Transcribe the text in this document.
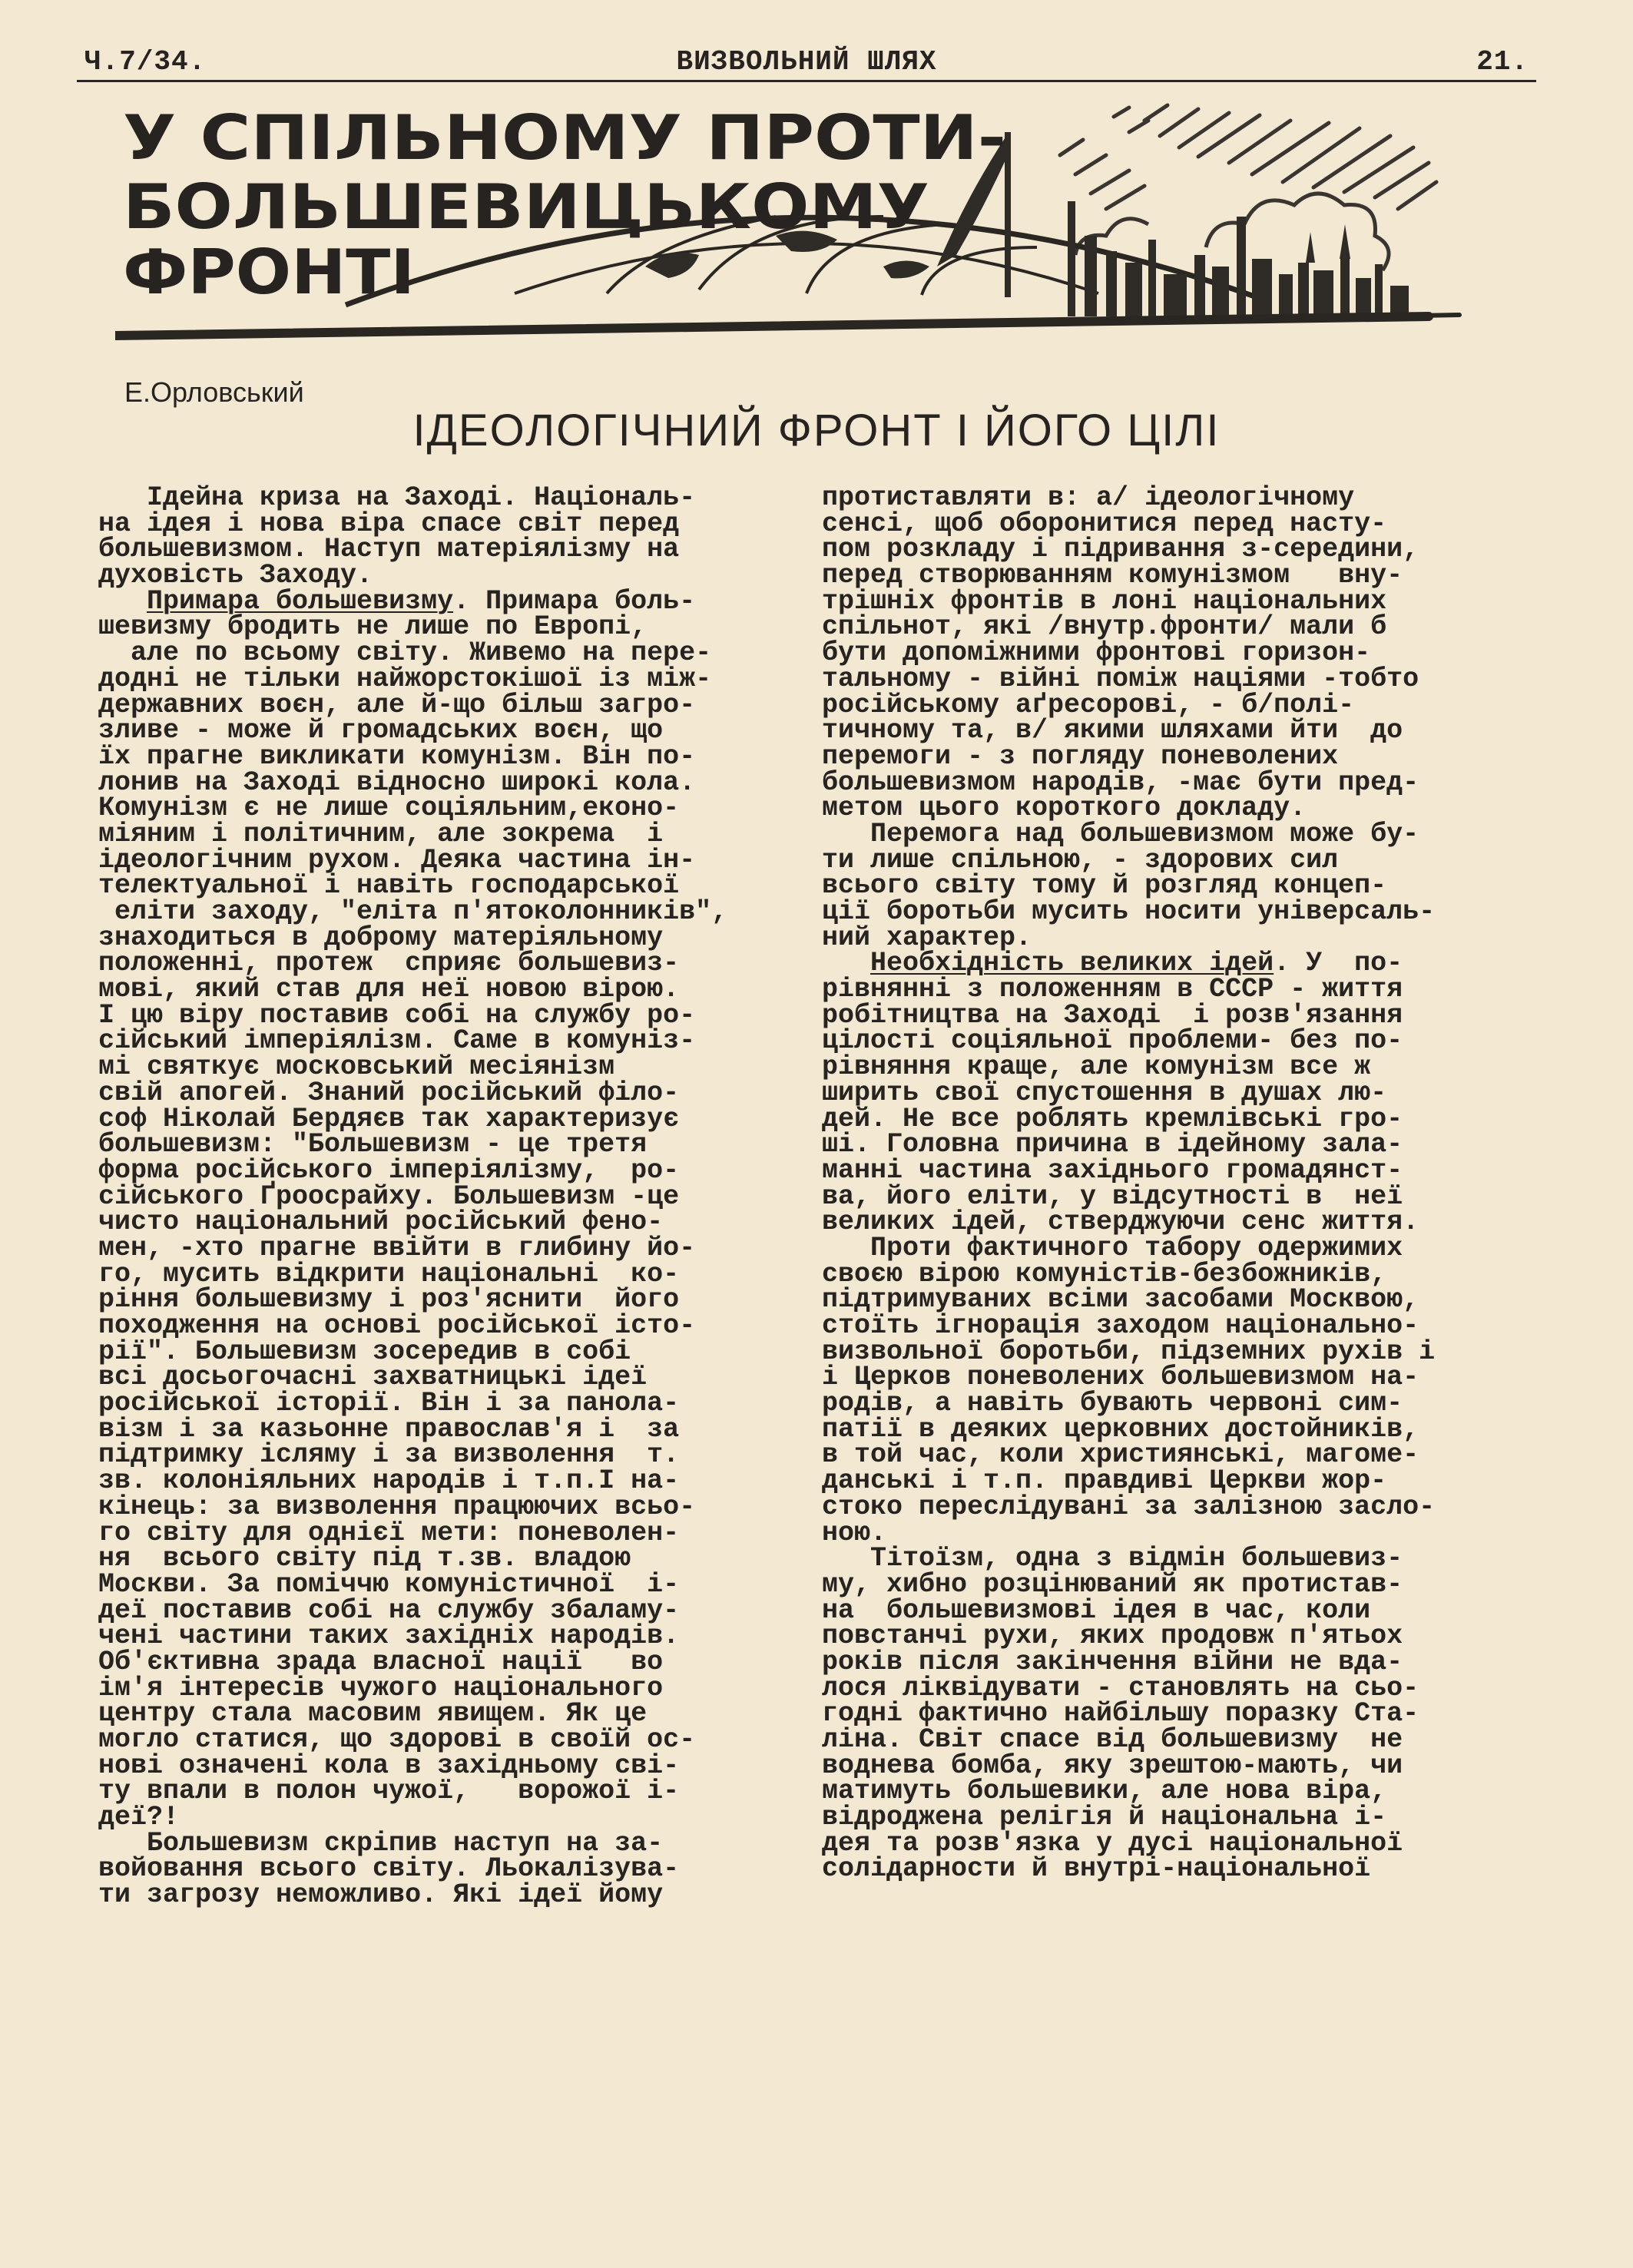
Ч.7/34.	ВИЗВОЛЬНИЙ ШЛЯХ	21.
У СПІЛЬНОМУ ПРОТИ-
БОЛЬШЕВИЦЬКОМУ
ФРОНТІ
Е.Орловський
ІДЕОЛОГІЧНИЙ ФРОНТ І ЙОГО ЦІЛІ
Ідейна криза на Заході. Національ-
на ідея і нова віра спасе світ перед
большевизмом. Наступ матеріялізму на
духовість Заходу.
Примара большевизму. Примара боль-
шевизму бродить не лише по Европі,
але по всьому світу. Живемо на пере-
додні не тільки найжорстокішої із між-
державних воєн, але й-що більш загро-
зливе - може й громадських воєн, що
їх прагне викликати комунізм. Він по-
лонив на Заході відносно широкі кола.
Комунізм є не лише соціяльним,еконо-
міяним і політичним, але зокрема  і
ідеологічним рухом. Деяка частина ін-
телектуальної і навіть господарської
еліти заходу, "еліта п'ятоколонників",
знаходиться в доброму матеріяльному
положенні, протеж  сприяє большевиз-
мові, який став для неї новою вірою.
І цю віру поставив собі на службу ро-
сійський імперіялізм. Саме в комуніз-
мі святкує московський месіянізм
свій апогей. Знаний російський філо-
соф Ніколай Бердяєв так характеризує
большевизм: "Большевизм - це третя
форма російського імперіялізму,  ро-
сійського Ґроосрайху. Большевизм -це
чисто національний російський фено-
мен, -хто прагне ввійти в глибину йо-
го, мусить відкрити національні  ко-
ріння большевизму і роз'яснити  його
походження на основі російської істо-
рії". Большевизм зосередив в собі
всі досьогочасні захватницькі ідеї
російської історії. Він і за панола-
візм і за казьонне православ'я і  за
підтримку ісляму і за визволення  т.
зв. колоніяльних народів і т.п.І на-
кінець: за визволення працюючих всьо-
го світу для однієї мети: поневолен-
ня  всього світу під т.зв. владою
Москви. За поміччю комуністичної  і-
деї поставив собі на службу збаламу-
чені частини таких західніх народів.
Об'єктивна зрада власної нації   во
ім'я інтересів чужого національного
центру стала масовим явищем. Як це
могло статися, що здорові в своїй ос-
нові означені кола в західньому сві-
ту впали в полон чужої,   ворожої і-
деї?!
Большевизм скріпив наступ на за-
войовання всього світу. Льокалізува-
ти загрозу неможливо. Які ідеї йому
протиставляти в: а/ ідеологічному
сенсі, щоб оборонитися перед насту-
пом розкладу і підривання з-середини,
перед створюванням комунізмом   вну-
трішніх фронтів в лоні національних
спільнот, які /внутр.фронти/ мали б
бути допоміжними фронтові горизон-
тальному - війні поміж націями -тобто
російському аґресорові, - б/полі-
тичному та, в/ якими шляхами йти  до
перемоги - з погляду поневолених
большевизмом народів, -має бути пред-
метом цього короткого докладу.
Перемога над большевизмом може бу-
ти лише спільною, - здорових сил
всього світу тому й розгляд концеп-
ції боротьби мусить носити універсаль-
ний характер.
Необхідність великих ідей. У  по-
рівнянні з положенням в СССР - життя
робітництва на Заході  і розв'язання
цілості соціяльної проблеми- без по-
рівняння краще, але комунізм все ж
ширить свої спустошення в душах лю-
дей. Не все роблять кремлівські гро-
ші. Головна причина в ідейному зала-
манні частина західнього громадянст-
ва, його еліти, у відсутності в  неї
великих ідей, стверджуючи сенс життя.
Проти фактичного табору одержимих
своєю вірою комуністів-безбожників,
підтримуваних всіми засобами Москвою,
стоїть ігнорація заходом національно-
визвольної боротьби, підземних рухів і
і Церков поневолених большевизмом на-
родів, а навіть бувають червоні сим-
патії в деяких церковних достойників,
в той час, коли християнські, магоме-
данські і т.п. правдиві Церкви жор-
стоко переслідувані за залізною засло-
ною.
Тітоїзм, одна з відмін большевиз-
му, хибно розцінюваний як протистав-
на  большевизмові ідея в час, коли
повстанчі рухи, яких продовж п'ятьох
років після закінчення війни не вда-
лося ліквідувати - становлять на сьо-
годні фактично найбільшу поразку Ста-
ліна. Світ спасе від большевизму  не
воднева бомба, яку зрештою-мають, чи
матимуть большевики, але нова віра,
відроджена релігія й національна і-
дея та розв'язка у дусі національної
солідарности й внутрі-національної
